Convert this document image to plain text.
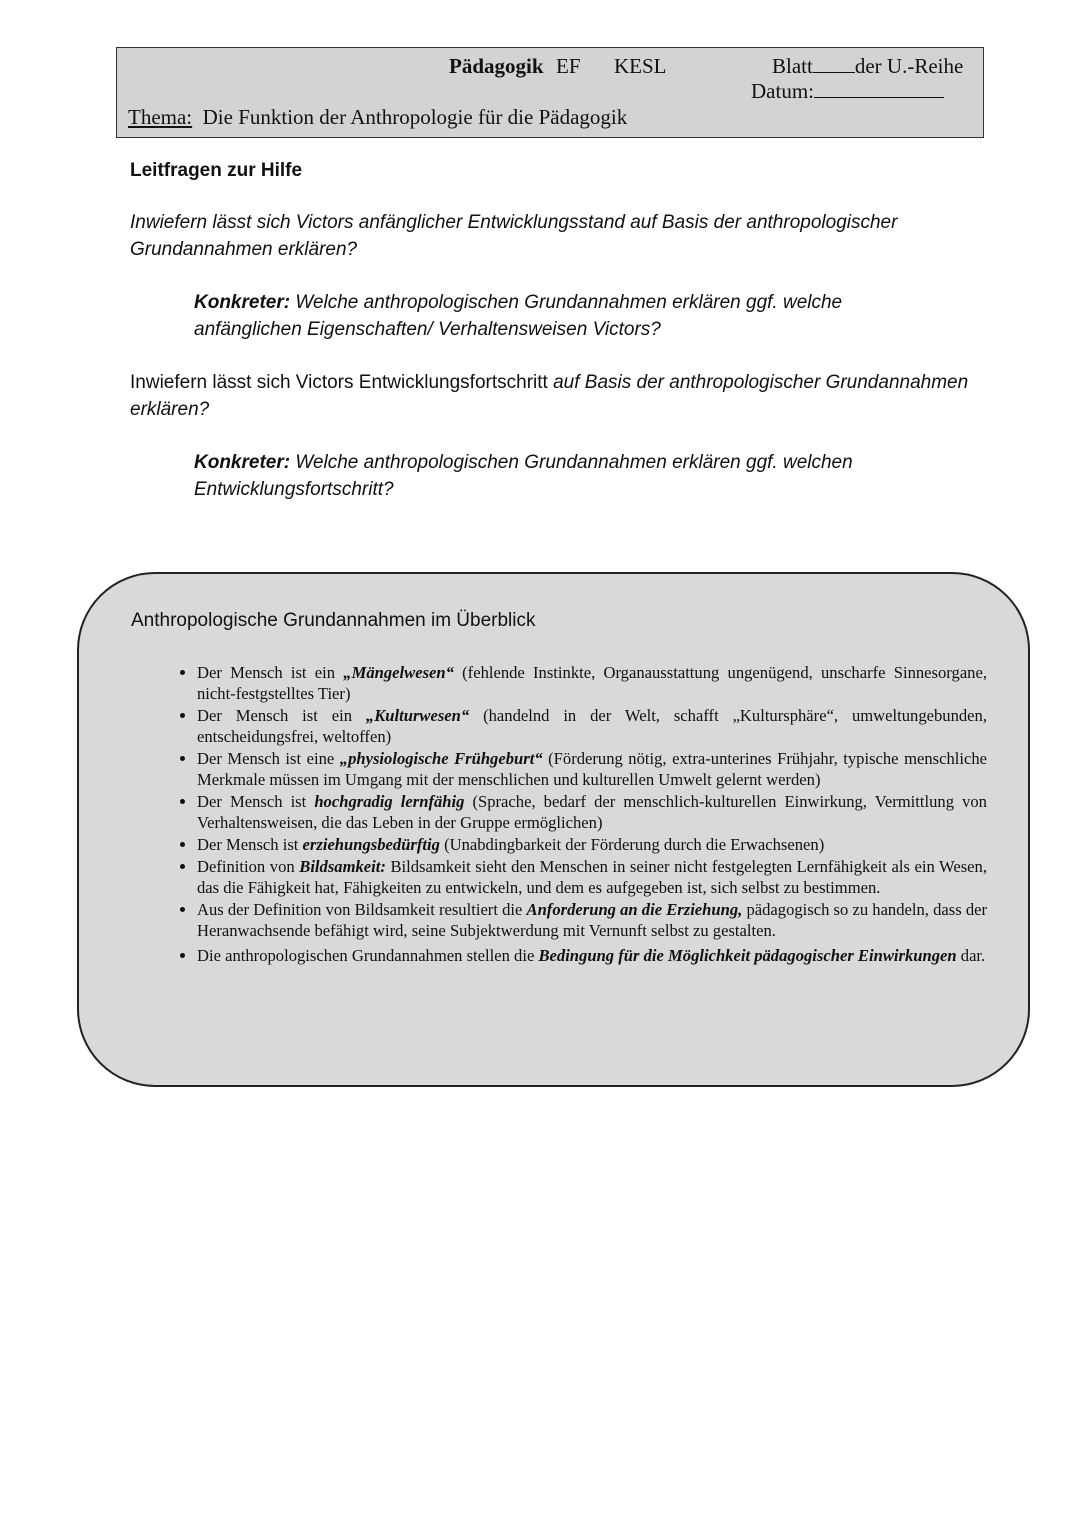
Pädagogik EF KESL	Blatt der U.-Reihe
Datum:
Thema: Die Funktion der Anthropologie für die Pädagogik
Leitfragen zur Hilfe
Inwiefern lässt sich Victors anfänglicher Entwicklungsstand auf Basis der anthropologischer Grundannahmen erklären?
Konkreter: Welche anthropologischen Grundannahmen erklären ggf. welche anfänglichen Eigenschaften/ Verhaltensweisen Victors?
Inwiefern lässt sich Victors Entwicklungsfortschritt auf Basis der anthropologischer Grundannahmen erklären?
Konkreter: Welche anthropologischen Grundannahmen erklären ggf. welchen Entwicklungsfortschritt?
Anthropologische Grundannahmen im Überblick
• Der Mensch ist ein „Mängelwesen“ (fehlende Instinkte, Organausstattung ungenügend, unscharfe Sinnesorgane, nicht-festgstelltes Tier)
• Der Mensch ist ein „Kulturwesen“ (handelnd in der Welt, schafft „Kultursphäre“, umweltungebunden, entscheidungsfrei, weltoffen)
• Der Mensch ist eine „physiologische Frühgeburt“ (Förderung nötig, extra-unterines Frühjahr, typische menschliche Merkmale müssen im Umgang mit der menschlichen und kulturellen Umwelt gelernt werden)
• Der Mensch ist hochgradig lernfähig (Sprache, bedarf der menschlich-kulturellen Einwirkung, Vermittlung von Verhaltensweisen, die das Leben in der Gruppe ermöglichen)
• Der Mensch ist erziehungsbedürftig (Unabdingbarkeit der Förderung durch die Erwachsenen)
• Definition von Bildsamkeit: Bildsamkeit sieht den Menschen in seiner nicht festgelegten Lernfähigkeit als ein Wesen, das die Fähigkeit hat, Fähigkeiten zu entwickeln, und dem es aufgegeben ist, sich selbst zu bestimmen.
• Aus der Definition von Bildsamkeit resultiert die Anforderung an die Erziehung, pädagogisch so zu handeln, dass der Heranwachsende befähigt wird, seine Subjektwerdung mit Vernunft selbst zu gestalten.
• Die anthropologischen Grundannahmen stellen die Bedingung für die Möglichkeit pädagogischer Einwirkungen dar.
